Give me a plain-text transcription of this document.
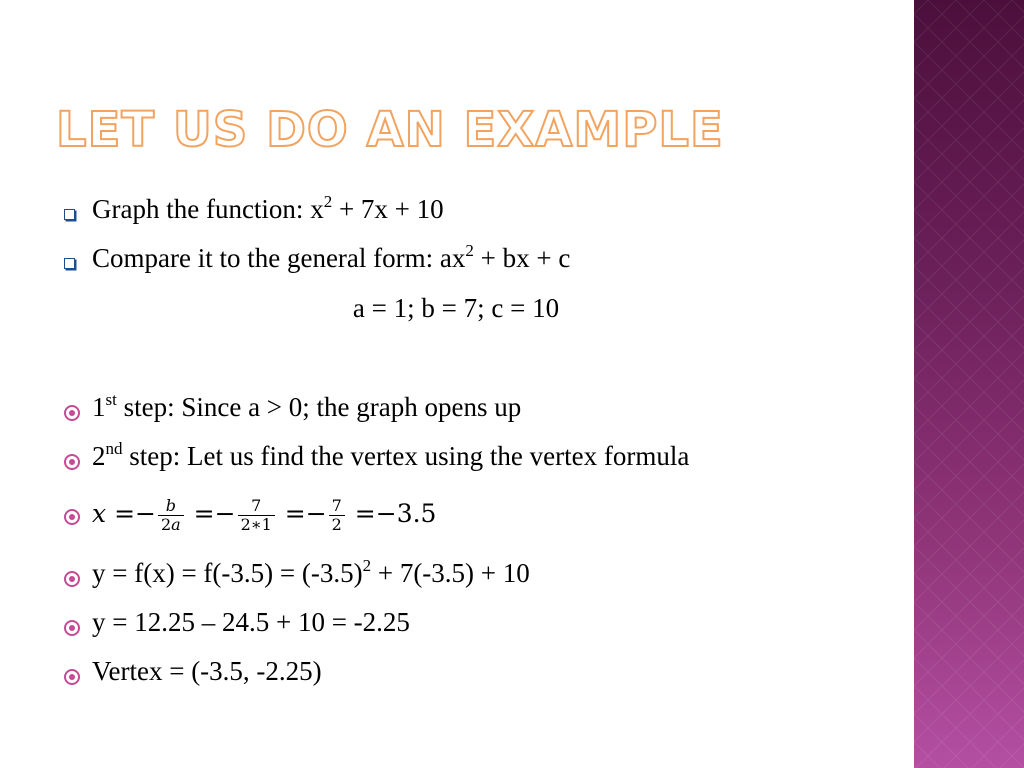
LET US DO AN EXAMPLE
Graph the function: $x^2 + 7x + 10$
Compare it to the general form: $ax^2$ + bx + c
a = 1; b = 7; c = 10
1st step: Since a > 0; the graph opens up
2nd step: Let us find the vertex using the vertex formula
$x =- \frac{b}{2a} =- \frac{7}{2∗1} =- \frac{7}{2} =-3.5$
$y = f(x) = f(-3.5) = (-3.5)^2 + 7(-3.5) + 10$
y = 12.25 – 24.5 + 10 = -2.25
Vertex = (-3.5, -2.25)
